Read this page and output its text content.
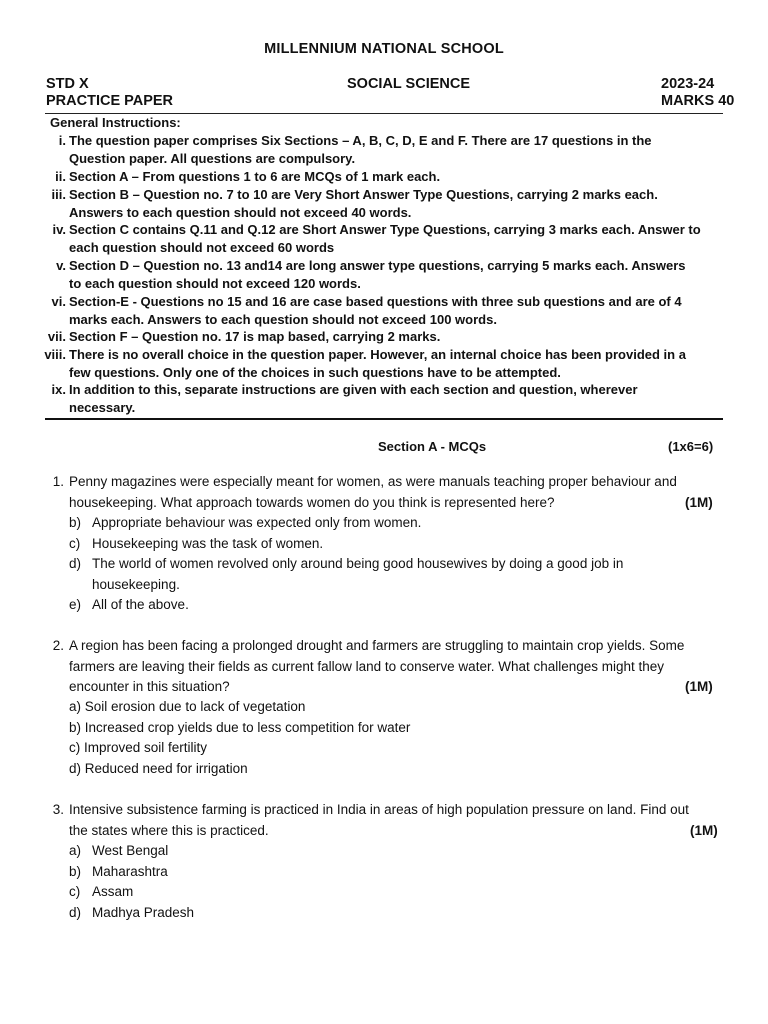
MILLENNIUM NATIONAL SCHOOL
STD X
PRACTICE PAPER
SOCIAL SCIENCE	2023-24
MARKS 40
General Instructions:
i. The question paper comprises Six Sections – A, B, C, D, E and F. There are 17 questions in the
Question paper. All questions are compulsory.
ii. Section A – From questions 1 to 6 are MCQs of 1 mark each.
iii. Section B – Question no. 7 to 10 are Very Short Answer Type Questions, carrying 2 marks each.
Answers to each question should not exceed 40 words.
iv. Section C contains Q.11 and Q.12 are Short Answer Type Questions, carrying 3 marks each. Answer to
each question should not exceed 60 words
v. Section D – Question no. 13 and14 are long answer type questions, carrying 5 marks each. Answers
to each question should not exceed 120 words.
vi. Section-E - Questions no 15 and 16 are case based questions with three sub questions and are of 4
marks each. Answers to each question should not exceed 100 words.
vii. Section F – Question no. 17 is map based, carrying 2 marks.
viii. There is no overall choice in the question paper. However, an internal choice has been provided in a
few questions. Only one of the choices in such questions have to be attempted.
ix. In addition to this, separate instructions are given with each section and question, wherever
necessary.
Section A - MCQs	(1x6=6)
1. Penny magazines were especially meant for women, as were manuals teaching proper behaviour and
housekeeping. What approach towards women do you think is represented here?	(1M)
b) Appropriate behaviour was expected only from women.
c) Housekeeping was the task of women.
d) The world of women revolved only around being good housewives by doing a good job in
housekeeping.
e) All of the above.
2. A region has been facing a prolonged drought and farmers are struggling to maintain crop yields. Some
farmers are leaving their fields as current fallow land to conserve water. What challenges might they
encounter in this situation?	(1M)
a) Soil erosion due to lack of vegetation
b) Increased crop yields due to less competition for water
c) Improved soil fertility
d) Reduced need for irrigation
3. Intensive subsistence farming is practiced in India in areas of high population pressure on land. Find out
the states where this is practiced.	(1M)
a) West Bengal
b) Maharashtra
c) Assam
d) Madhya Pradesh
